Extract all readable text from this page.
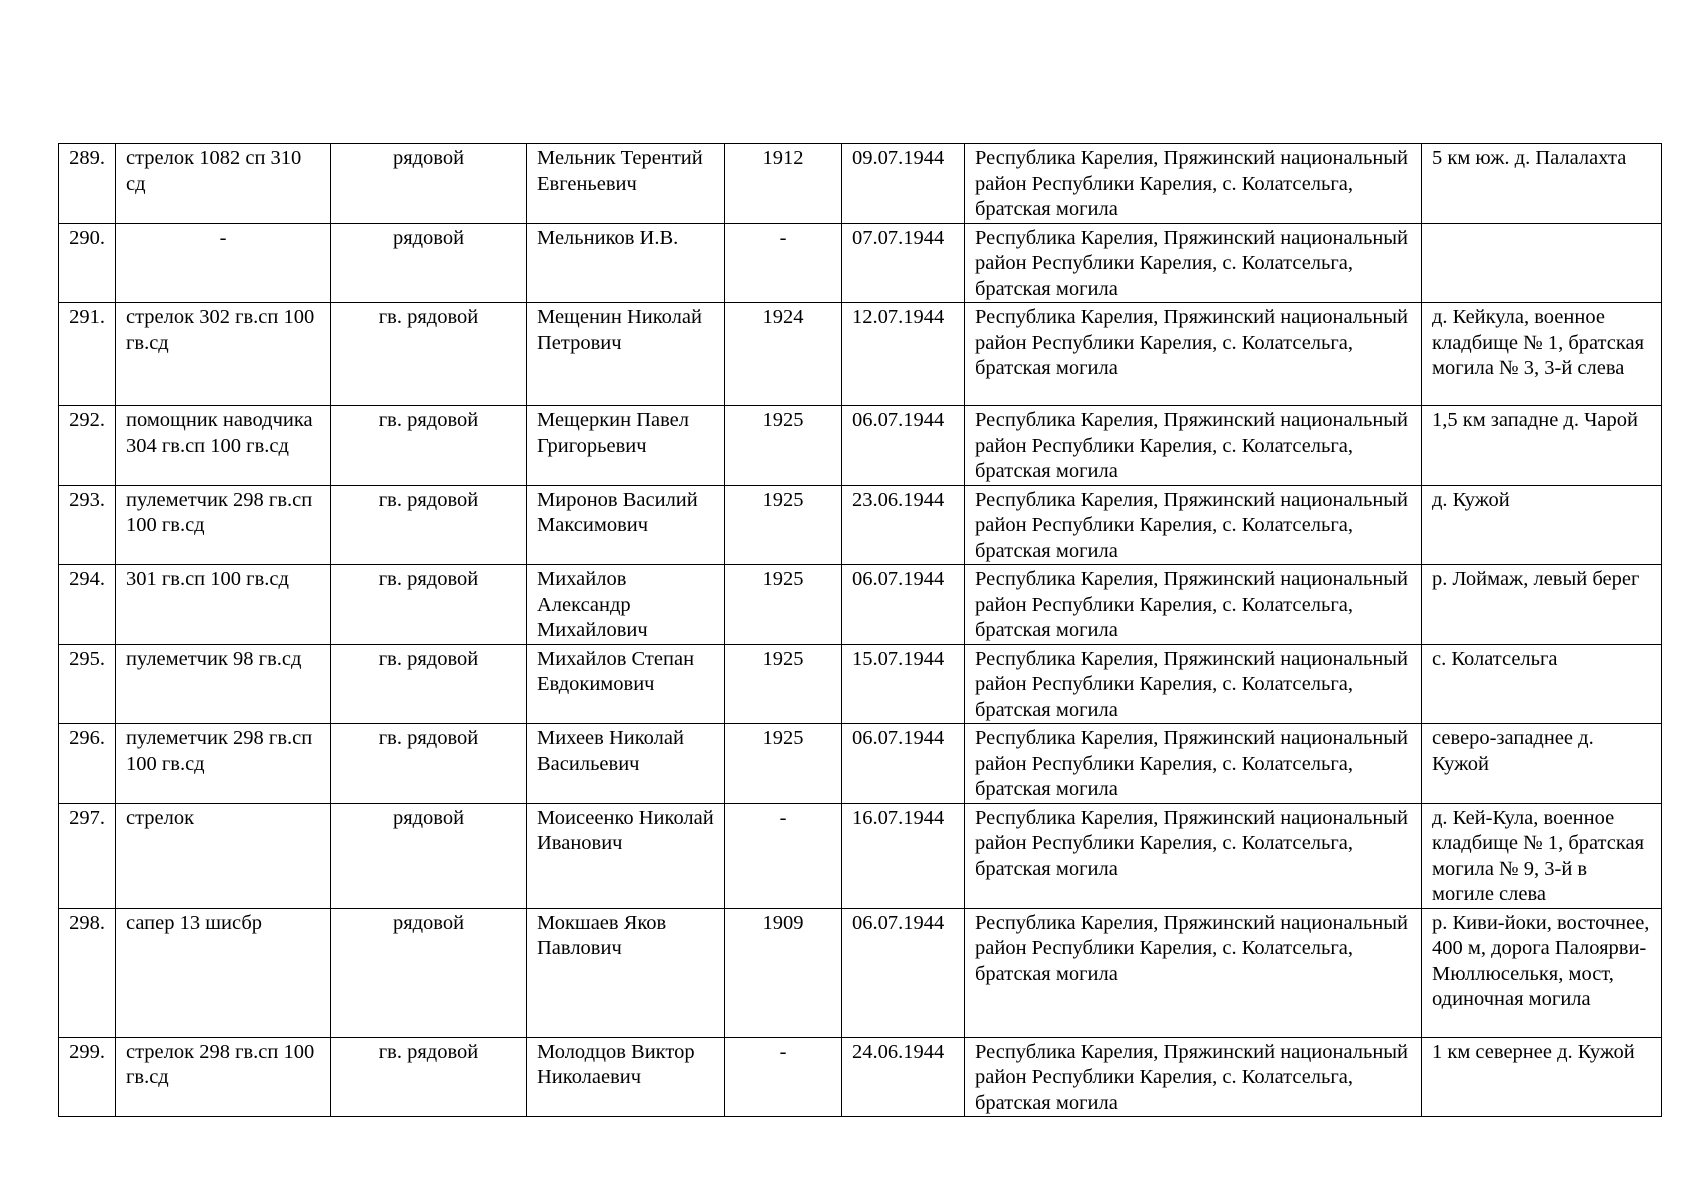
289.	стрелок 1082 сп 310 сд	рядовой	Мельник Терентий Евгеньевич	1912	09.07.1944	Республика Карелия, Пряжинский национальный район Республики Карелия, с. Колатсельга, братская могила	5 км юж. д. Палалахта
290.	-	рядовой	Мельников И.В.	-	07.07.1944	Республика Карелия, Пряжинский национальный район Республики Карелия, с. Колатсельга, братская могила	
291.	стрелок 302 гв.сп 100 гв.сд	гв. рядовой	Мещенин Николай Петрович	1924	12.07.1944	Республика Карелия, Пряжинский национальный район Республики Карелия, с. Колатсельга, братская могила	д. Кейкула, военное кладбище № 1, братская могила № 3, 3-й слева
292.	помощник наводчика 304 гв.сп 100 гв.сд	гв. рядовой	Мещеркин Павел Григорьевич	1925	06.07.1944	Республика Карелия, Пряжинский национальный район Республики Карелия, с. Колатсельга, братская могила	1,5 км западне д. Чарой
293.	пулеметчик 298 гв.сп 100 гв.сд	гв. рядовой	Миронов Василий Максимович	1925	23.06.1944	Республика Карелия, Пряжинский национальный район Республики Карелия, с. Колатсельга, братская могила	д. Кужой
294.	301 гв.сп 100 гв.сд	гв. рядовой	Михайлов Александр Михайлович	1925	06.07.1944	Республика Карелия, Пряжинский национальный район Республики Карелия, с. Колатсельга, братская могила	р. Лоймаж, левый берег
295.	пулеметчик 98 гв.сд	гв. рядовой	Михайлов Степан Евдокимович	1925	15.07.1944	Республика Карелия, Пряжинский национальный район Республики Карелия, с. Колатсельга, братская могила	с. Колатсельга
296.	пулеметчик 298 гв.сп 100 гв.сд	гв. рядовой	Михеев Николай Васильевич	1925	06.07.1944	Республика Карелия, Пряжинский национальный район Республики Карелия, с. Колатсельга, братская могила	северо-западнее д. Кужой
297.	стрелок	рядовой	Моисеенко Николай Иванович	-	16.07.1944	Республика Карелия, Пряжинский национальный район Республики Карелия, с. Колатсельга, братская могила	д. Кей-Кула, военное кладбище № 1, братская могила № 9, 3-й в могиле слева
298.	сапер 13 шисбр	рядовой	Мокшаев Яков Павлович	1909	06.07.1944	Республика Карелия, Пряжинский национальный район Республики Карелия, с. Колатсельга, братская могила	р. Киви-йоки, восточнее, 400 м, дорога Палоярви-Мюллюселькя, мост, одиночная могила
299.	стрелок 298 гв.сп 100 гв.сд	гв. рядовой	Молодцов Виктор Николаевич	-	24.06.1944	Республика Карелия, Пряжинский национальный район Республики Карелия, с. Колатсельга, братская могила	1 км севернее д. Кужой
